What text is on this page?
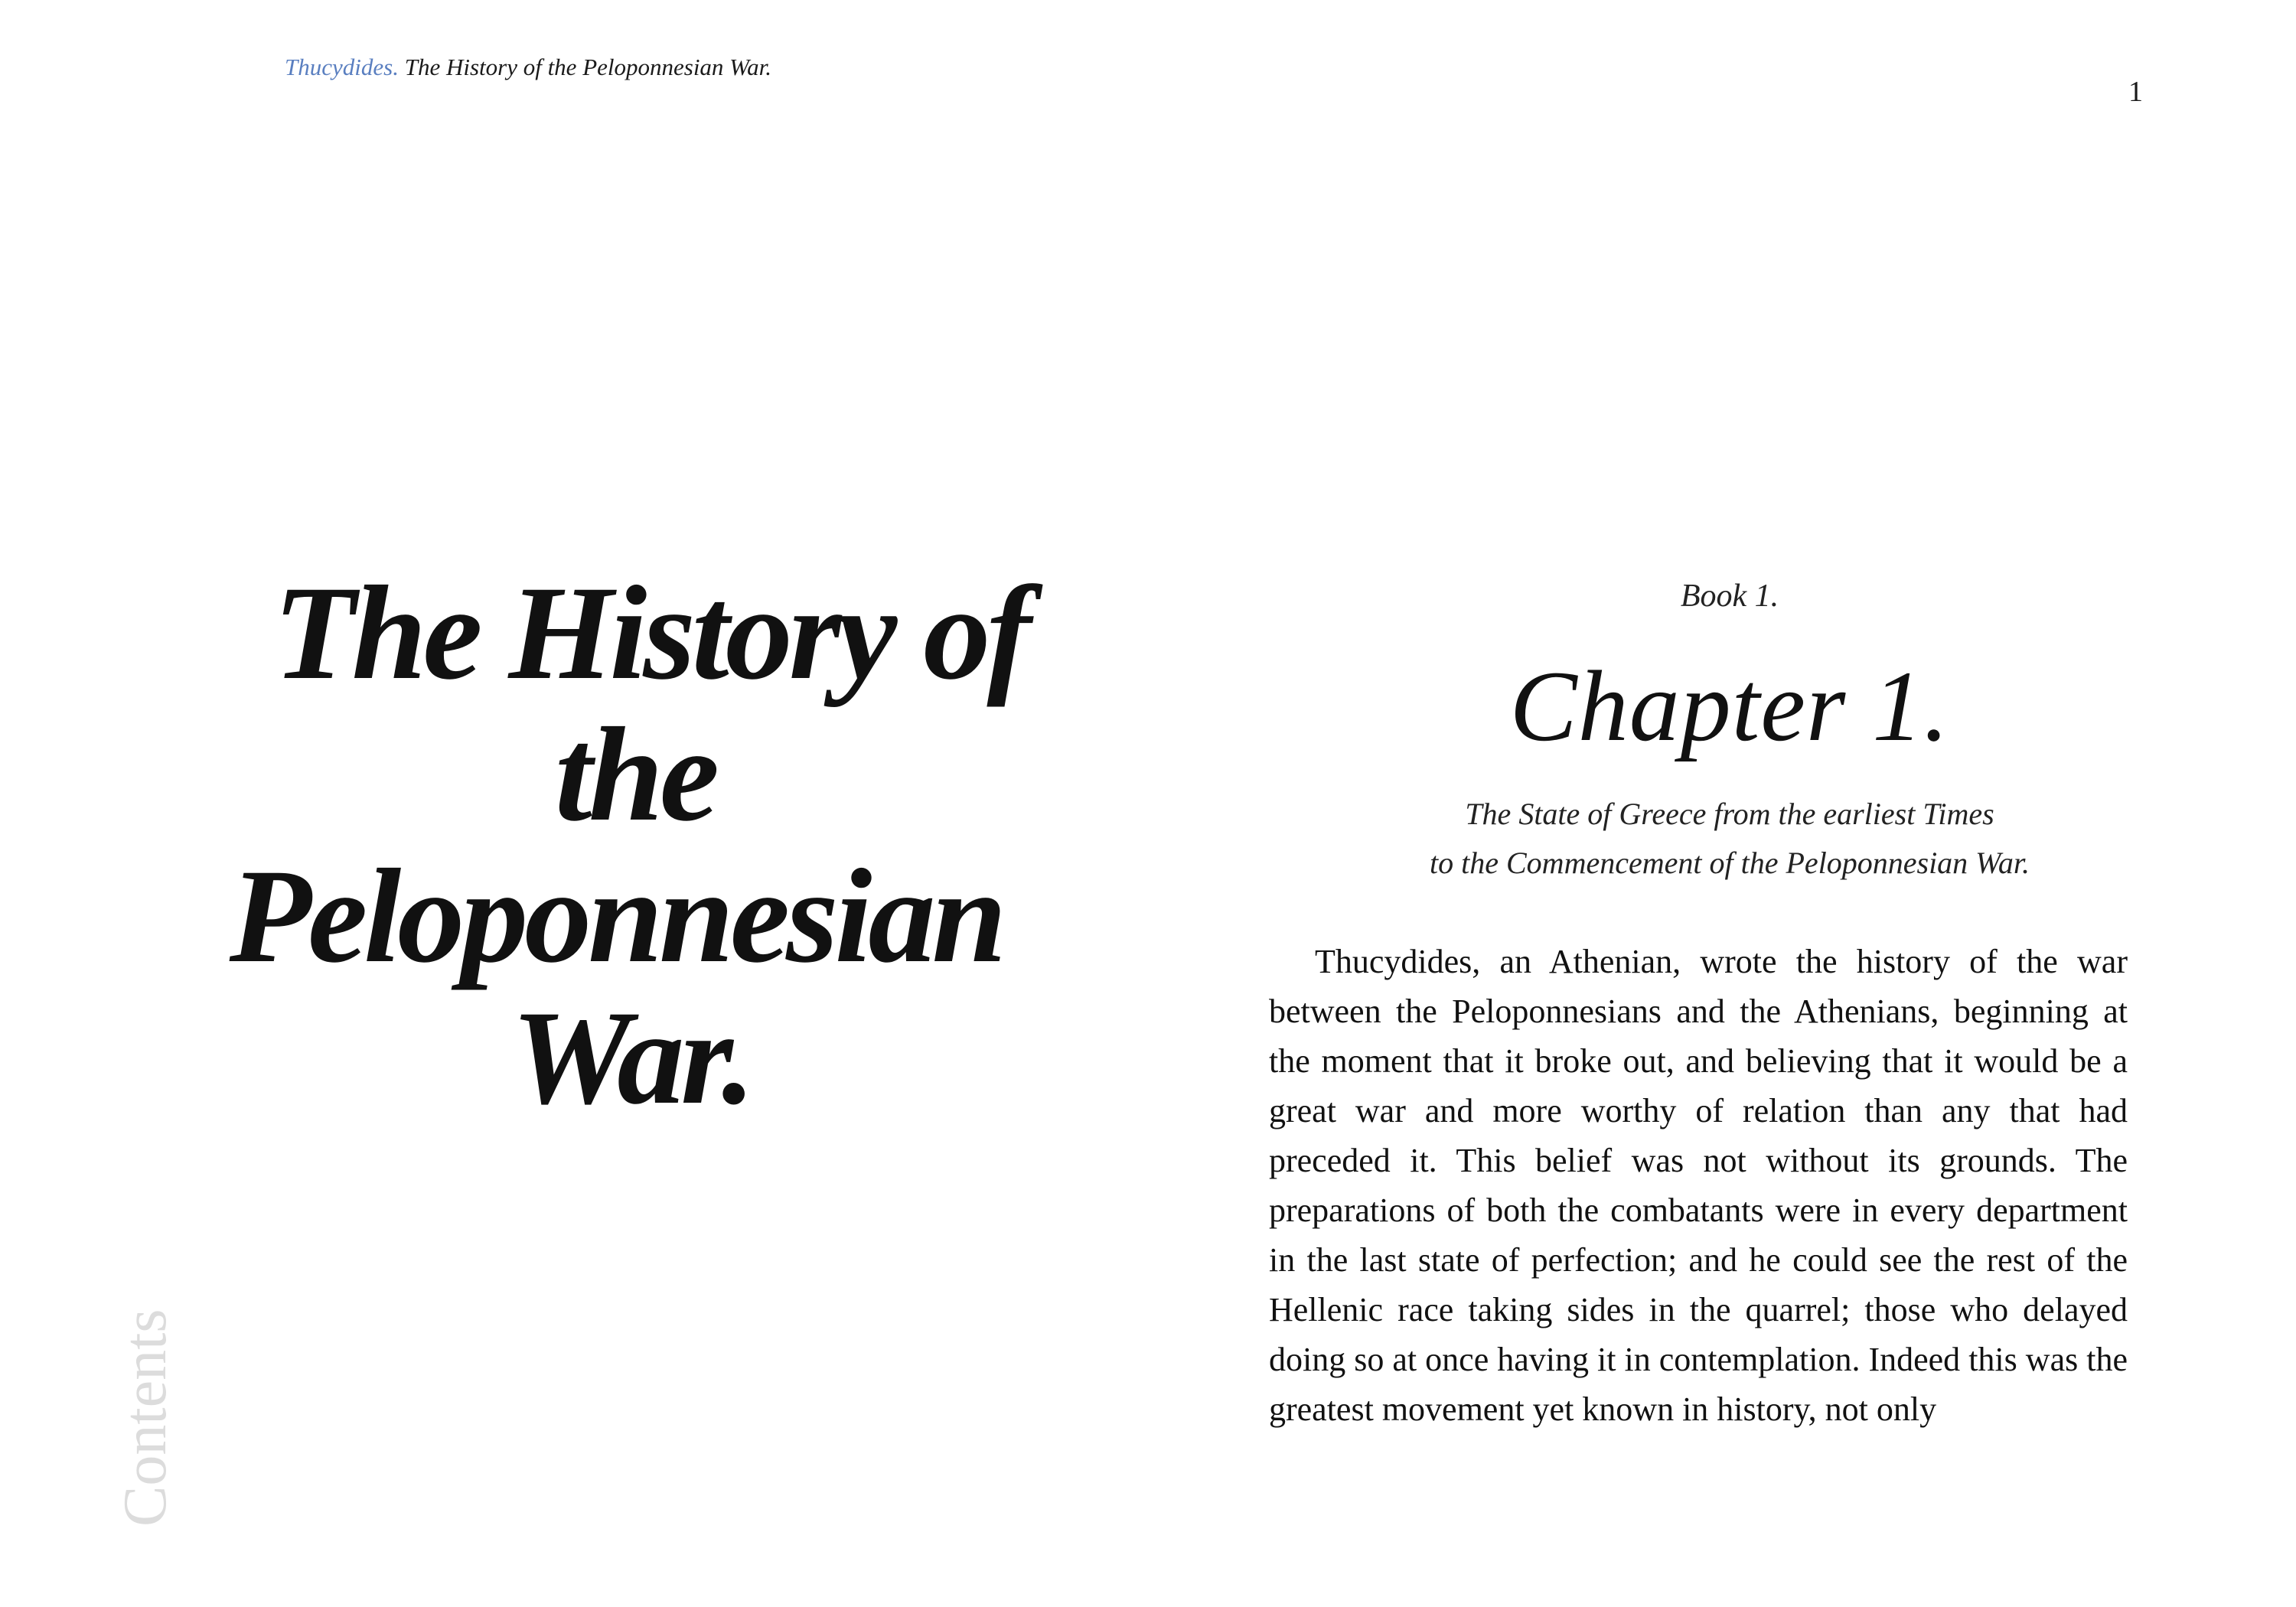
Thucydides. The History of the Peloponnesian War.
1
The History of
the
Peloponnesian
War.
Contents
Book 1.
Chapter 1.
The State of Greece from the earliest Times
to the Commencement of the Peloponnesian War.

Thucydides, an Athenian, wrote the history of the war between the Peloponnesians and the Athenians, beginning at the moment that it broke out, and believing that it would be a great war and more worthy of relation than any that had preceded it. This belief was not without its grounds. The preparations of both the combatants were in every department in the last state of perfection; and he could see the rest of the Hellenic race taking sides in the quarrel; those who delayed doing so at once having it in contemplation. Indeed this was the greatest movement yet known in history, not only
